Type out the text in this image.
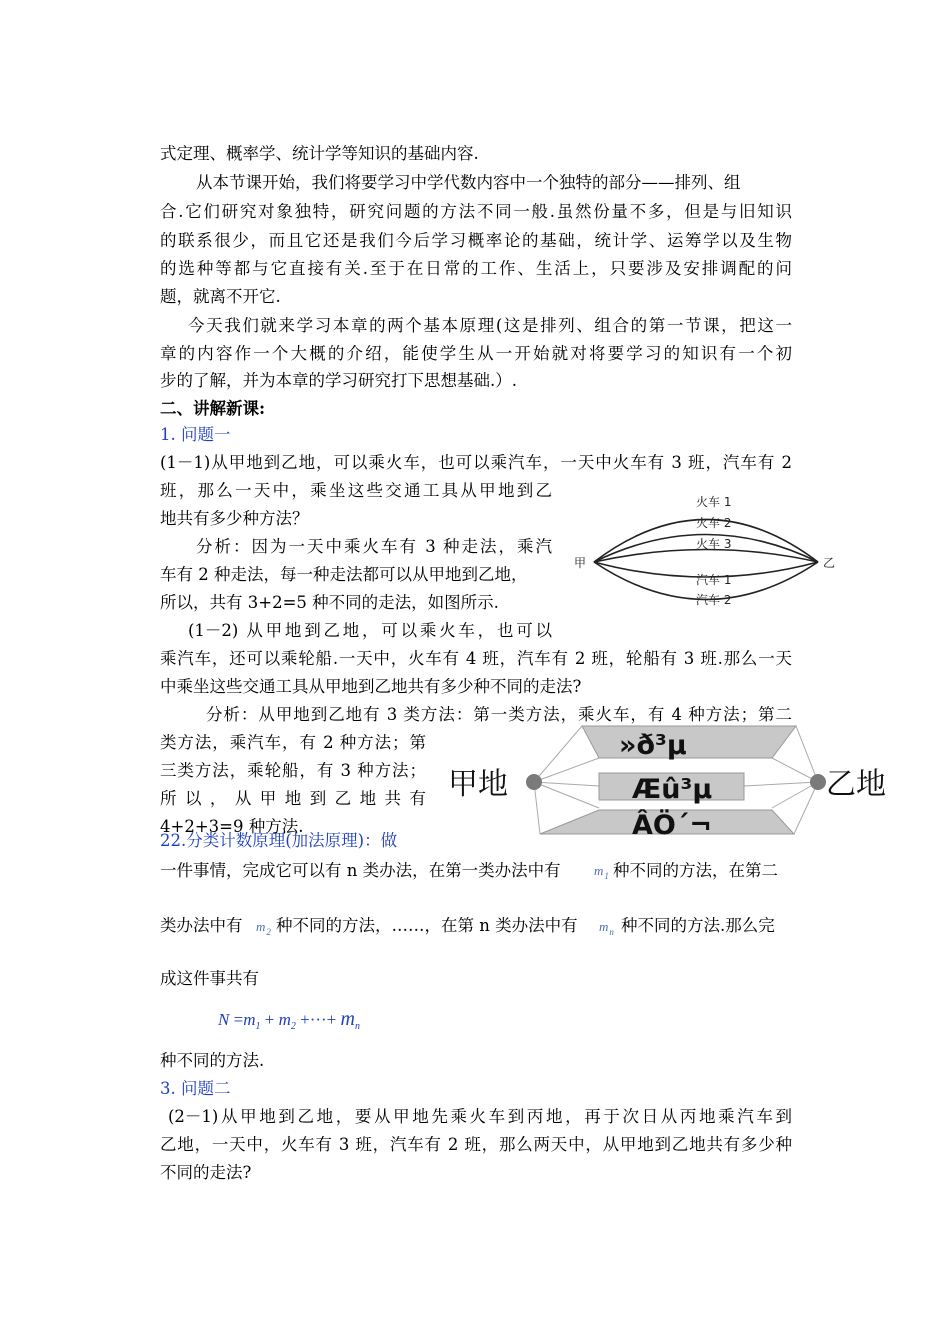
式定理、概率学、统计学等知识的基础内容.
从本节课开始，我们将要学习中学代数内容中一个独特的部分——排列、组
合.它们研究对象独特，研究问题的方法不同一般.虽然份量不多，但是与旧知识
的联系很少，而且它还是我们今后学习概率论的基础，统计学、运筹学以及生物
的选种等都与它直接有关.至于在日常的工作、生活上，只要涉及安排调配的问
题，就离不开它.
今天我们就来学习本章的两个基本原理(这是排列、组合的第一节课，把这一
章的内容作一个大概的介绍，能使学生从一开始就对将要学习的知识有一个初
步的了解，并为本章的学习研究打下思想基础.）.
二、讲解新课:
1. 问题一
(1－1)从甲地到乙地，可以乘火车，也可以乘汽车，一天中火车有 3 班，汽车有 2
班，那么一天中，乘坐这些交通工具从甲地到乙
地共有多少种方法？
分析：因为一天中乘火车有 3 种走法，乘汽
车有 2 种走法，每一种走法都可以从甲地到乙地，
所以，共有 3+2=5 种不同的走法，如图所示.
(1－2) 从甲地到乙地，可以乘火车，也可以
乘汽车，还可以乘轮船.一天中，火车有 4 班，汽车有 2 班，轮船有 3 班.那么一天
中乘坐这些交通工具从甲地到乙地共有多少种不同的走法?
分析：从甲地到乙地有 3 类方法：第一类方法，乘火车，有 4 种方法；第二
类方法，乘汽车，有 2 种方法；第
三类方法，乘轮船，有 3 种方法；
所 以 ， 从 甲 地 到 乙 地 共 有
4+2+3=9 种方法.
甲	乙
火车 1
火车 2
火车 3
汽车 1
汽车 2
甲地	乙地
»ð³µ
Æû³µ
ÂÖ´¬
22.分类计数原理(加法原理)：做
一件事情，完成它可以有 n 类办法，在第一类办法中有	$m_1$ 种不同的方法，在第二
类办法中有 $m_2$ 种不同的方法，……，在第 n 类办法中有 $m_n$ 种不同的方法.那么完
成这件事共有
$N =m_1 + m_2$ +···+ $m_n$
种不同的方法.
3. 问题二
(2－1)从甲地到乙地，要从甲地先乘火车到丙地，再于次日从丙地乘汽车到
乙地，一天中，火车有 3 班，汽车有 2 班，那么两天中，从甲地到乙地共有多少种
不同的走法?
